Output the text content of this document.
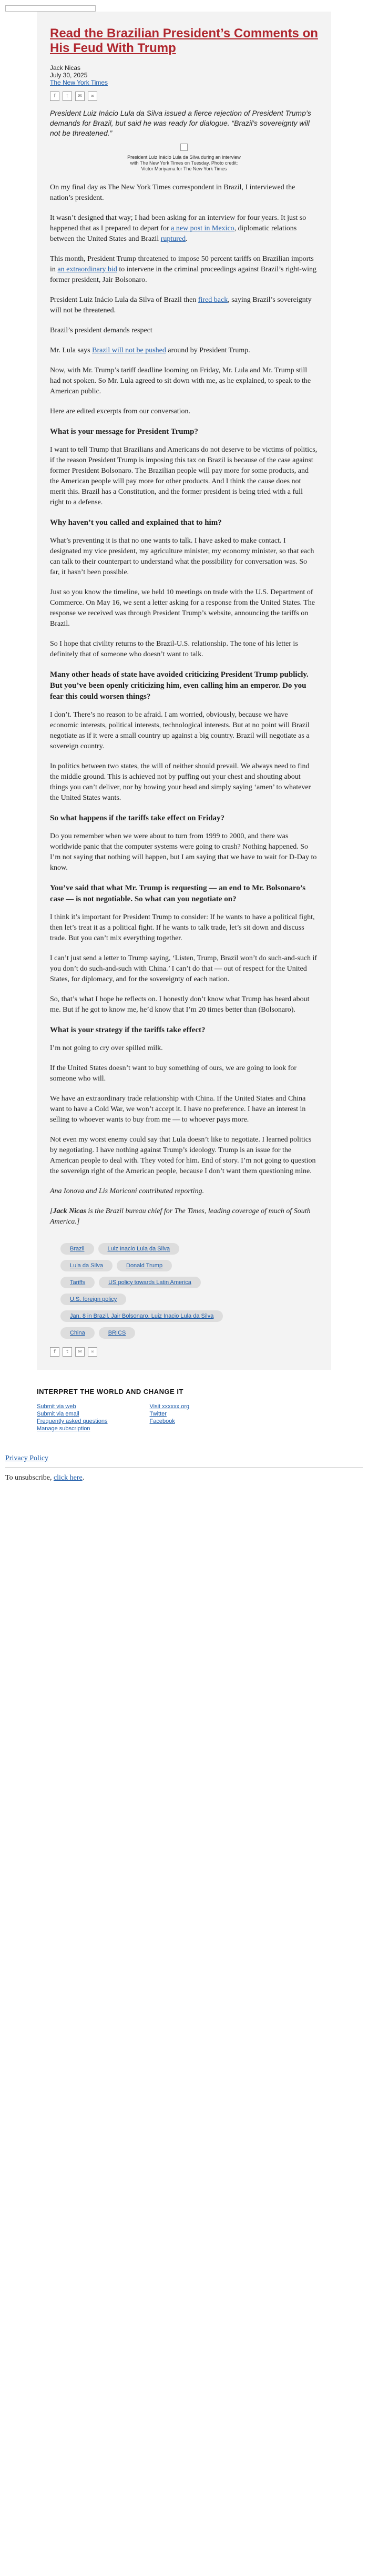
Read the Brazilian President’s Comments on His Feud With Trump
Jack Nicas
July 30, 2025
The New York Times
f	t	✉	∞
President Luiz Inácio Lula da Silva issued a fierce rejection of President Trump’s demands for Brazil, but said he was ready for dialogue. “Brazil’s sovereignty will not be threatened.”
President Luiz Inácio Lula da Silva during an interview with The New York Times on Tuesday. Photo credit: Victor Moriyama for The New York Times

On my final day as The New York Times correspondent in Brazil, I interviewed the nation’s president.

It wasn’t designed that way; I had been asking for an interview for four years. It just so happened that as I prepared to depart for a new post in Mexico, diplomatic relations between the United States and Brazil ruptured.

This month, President Trump threatened to impose 50 percent tariffs on Brazilian imports in an extraordinary bid to intervene in the criminal proceedings against Brazil’s right-wing former president, Jair Bolsonaro.

President Luiz Inácio Lula da Silva of Brazil then fired back, saying Brazil’s sovereignty will not be threatened.

Brazil’s president demands respect

Mr. Lula says Brazil will not be pushed around by President Trump.

Now, with Mr. Trump’s tariff deadline looming on Friday, Mr. Lula and Mr. Trump still had not spoken. So Mr. Lula agreed to sit down with me, as he explained, to speak to the American public.

Here are edited excerpts from our conversation.

What is your message for President Trump?

I want to tell Trump that Brazilians and Americans do not deserve to be victims of politics, if the reason President Trump is imposing this tax on Brazil is because of the case against former President Bolsonaro. The Brazilian people will pay more for some products, and the American people will pay more for other products. And I think the cause does not merit this. Brazil has a Constitution, and the former president is being tried with a full right to a defense.

Why haven’t you called and explained that to him?

What’s preventing it is that no one wants to talk. I have asked to make contact. I designated my vice president, my agriculture minister, my economy minister, so that each can talk to their counterpart to understand what the possibility for conversation was. So far, it hasn’t been possible.

Just so you know the timeline, we held 10 meetings on trade with the U.S. Department of Commerce. On May 16, we sent a letter asking for a response from the United States. The response we received was through President Trump’s website, announcing the tariffs on Brazil.

So I hope that civility returns to the Brazil-U.S. relationship. The tone of his letter is definitely that of someone who doesn’t want to talk.

Many other heads of state have avoided criticizing President Trump publicly. But you’ve been openly criticizing him, even calling him an emperor. Do you fear this could worsen things?

I don’t. There’s no reason to be afraid. I am worried, obviously, because we have economic interests, political interests, technological interests. But at no point will Brazil negotiate as if it were a small country up against a big country. Brazil will negotiate as a sovereign country.

In politics between two states, the will of neither should prevail. We always need to find the middle ground. This is achieved not by puffing out your chest and shouting about things you can’t deliver, nor by bowing your head and simply saying ‘amen’ to whatever the United States wants.

So what happens if the tariffs take effect on Friday?

Do you remember when we were about to turn from 1999 to 2000, and there was worldwide panic that the computer systems were going to crash? Nothing happened. So I’m not saying that nothing will happen, but I am saying that we have to wait for D-Day to know.

You’ve said that what Mr. Trump is requesting — an end to Mr. Bolsonaro’s case — is not negotiable. So what can you negotiate on?

I think it’s important for President Trump to consider: If he wants to have a political fight, then let’s treat it as a political fight. If he wants to talk trade, let’s sit down and discuss trade. But you can’t mix everything together.

I can’t just send a letter to Trump saying, ‘Listen, Trump, Brazil won’t do such-and-such if you don’t do such-and-such with China.’ I can’t do that — out of respect for the United States, for diplomacy, and for the sovereignty of each nation.

So, that’s what I hope he reflects on. I honestly don’t know what Trump has heard about me. But if he got to know me, he’d know that I’m 20 times better than (Bolsonaro).

What is your strategy if the tariffs take effect?

I’m not going to cry over spilled milk.

If the United States doesn’t want to buy something of ours, we are going to look for someone who will.

We have an extraordinary trade relationship with China. If the United States and China want to have a Cold War, we won’t accept it. I have no preference. I have an interest in selling to whoever wants to buy from me — to whoever pays more.

Not even my worst enemy could say that Lula doesn’t like to negotiate. I learned politics by negotiating. I have nothing against Trump’s ideology. Trump is an issue for the American people to deal with. They voted for him. End of story. I’m not going to question the sovereign right of the American people, because I don’t want them questioning mine.

Ana Ionova and Lis Moriconi contributed reporting.

[Jack Nicas is the Brazil bureau chief for The Times, leading coverage of much of South America.]

Brazil	Luiz Inacio Lula da Silva
Lula da Silva	Donald Trump
Tariffs	US policy towards Latin America
U.S. foreign policy
Jan. 8 in Brazil, Jair Bolsonaro, Luiz Inacio Lula da Silva
China	BRICS
f	t	✉	∞
INTERPRET THE WORLD AND CHANGE IT
Submit via web
Submit via email
Frequently asked questions
Manage subscription
Visit xxxxxx.org
Twitter
Facebook
Privacy Policy
To unsubscribe, click here.
